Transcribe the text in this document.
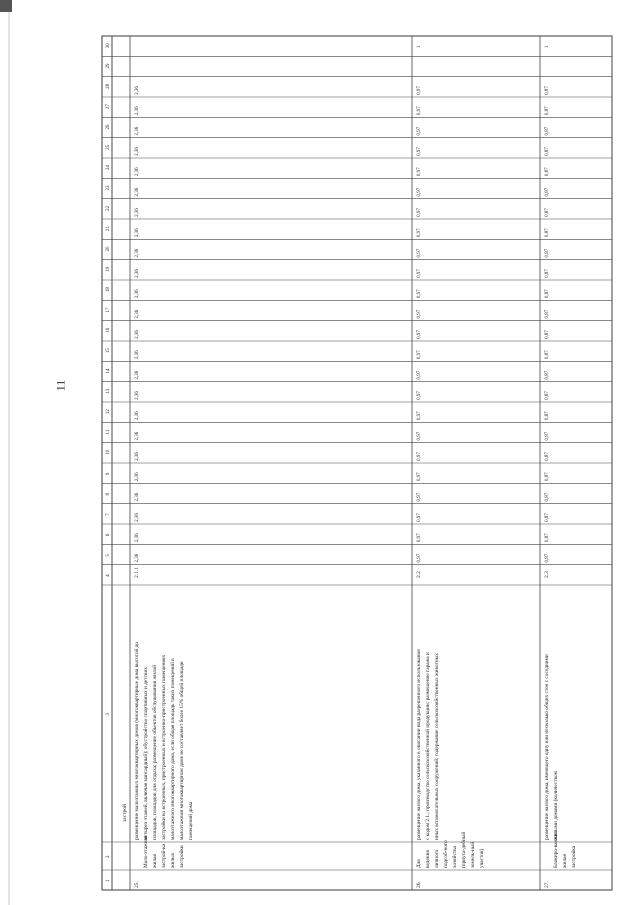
11
1
2
3
4
5
6
7
8
9
10
11
12
13
14
15
16
17
18
19
20
21
22
23
24
25
26
27
28
29
30
застрой
25.
Мало-этажная жилая застрой-ка жилых застройки
размещение малоэтажных многоквартирных домов (многоквартирные дома высотой до четырех этажей, включая мансардный); обустройство спортивных и детских площадок, площадок для отдыха; размещение объектов обслуживания жилой застройки во встроенных, пристроенных и встроенно-пристроенных помещениях малоэтажного многоквартирного дома, если общая площадь таких помещений в малоэтажном многоквартирном доме не составляет более 15% общей площади помещений дома
2.1.1
2,36
2,36
2,36
2,36
2,36
2,36
2,36
2,36
2,36
2,36
2,36
2,36
2,36
2,36
2,36
2,36
2,36
2,36
2,36
2,36
2,36
2,36
2,36
2,36
26.
Для ведения личного подсоб-ного хозяйства (приуса-дебный земель-ный участок)
размещение жилого дома, указанного в описании вида разрешенного использования с кодом 2.1.; производство сельскохозяйственной продукции; размещение гаража и иных вспомогательных сооружений; содержание сельскохозяйственных животных
2.2
0,97
0,97
0,97
0,97
0,97
0,97
0,97
0,97
0,97
0,97
0,97
0,97
0,97
0,97
0,97
0,97
0,97
0,97
0,97
0,97
0,97
0,97
0,97
0,97
1
27.
Блокиро-ванная жилая застройка
размещение жилого дома, имеющего одну или несколько общих стен с соседними жилыми домами (количеством
2.3
0,87
0,87
0,87
0,87
0,87
0,87
0,87
0,87
0,87
0,87
0,87
0,87
0,87
0,87
0,87
0,87
0,87
0,87
0,87
0,87
0,87
0,87
0,87
0,87
1
